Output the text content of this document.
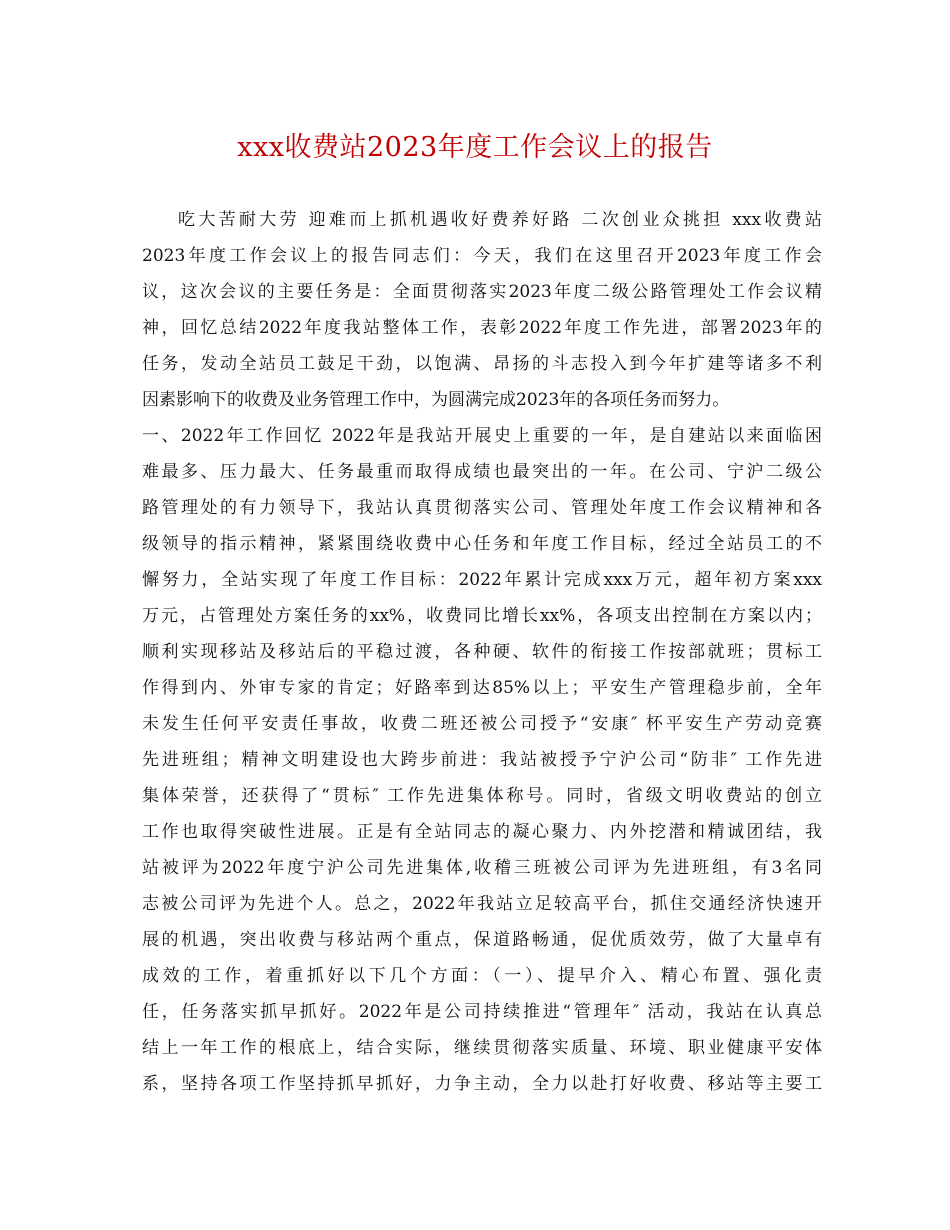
xxx收费站2023年度工作会议上的报告
吃大苦耐大劳 迎难而上抓机遇收好费养好路 二次创业众挑担 xxx收费站
2023年度工作会议上的报告同志们：今天，我们在这里召开2023年度工作会
议，这次会议的主要任务是：全面贯彻落实2023年度二级公路管理处工作会议精
神，回忆总结2022年度我站整体工作，表彰2022年度工作先进，部署2023年的
任务，发动全站员工鼓足干劲，以饱满、昂扬的斗志投入到今年扩建等诸多不利
因素影响下的收费及业务管理工作中，为圆满完成2023年的各项任务而努力。
一、2022年工作回忆 2022年是我站开展史上重要的一年，是自建站以来面临困
难最多、压力最大、任务最重而取得成绩也最突出的一年。在公司、宁沪二级公
路管理处的有力领导下，我站认真贯彻落实公司、管理处年度工作会议精神和各
级领导的指示精神，紧紧围绕收费中心任务和年度工作目标，经过全站员工的不
懈努力，全站实现了年度工作目标：2022年累计完成xxx万元，超年初方案xxx
万元，占管理处方案任务的xx%，收费同比增长xx%，各项支出控制在方案以内；
顺利实现移站及移站后的平稳过渡，各种硬、软件的衔接工作按部就班；贯标工
作得到内、外审专家的肯定；好路率到达85%以上；平安生产管理稳步前，全年
未发生任何平安责任事故，收费二班还被公司授予“安康″ 杯平安生产劳动竞赛
先进班组；精神文明建设也大跨步前进：我站被授予宁沪公司“防非″ 工作先进
集体荣誉，还获得了“贯标″ 工作先进集体称号。同时，省级文明收费站的创立
工作也取得突破性进展。正是有全站同志的凝心聚力、内外挖潜和精诚团结，我
站被评为2022年度宁沪公司先进集体,收稽三班被公司评为先进班组，有3名同
志被公司评为先进个人。总之，2022年我站立足较高平台，抓住交通经济快速开
展的机遇，突出收费与移站两个重点，保道路畅通，促优质效劳，做了大量卓有
成效的工作，着重抓好以下几个方面：（一）、提早介入、精心布置、强化责
任，任务落实抓早抓好。2022年是公司持续推进“管理年″ 活动，我站在认真总
结上一年工作的根底上，结合实际，继续贯彻落实质量、环境、职业健康平安体
系，坚持各项工作坚持抓早抓好，力争主动，全力以赴打好收费、移站等主要工
